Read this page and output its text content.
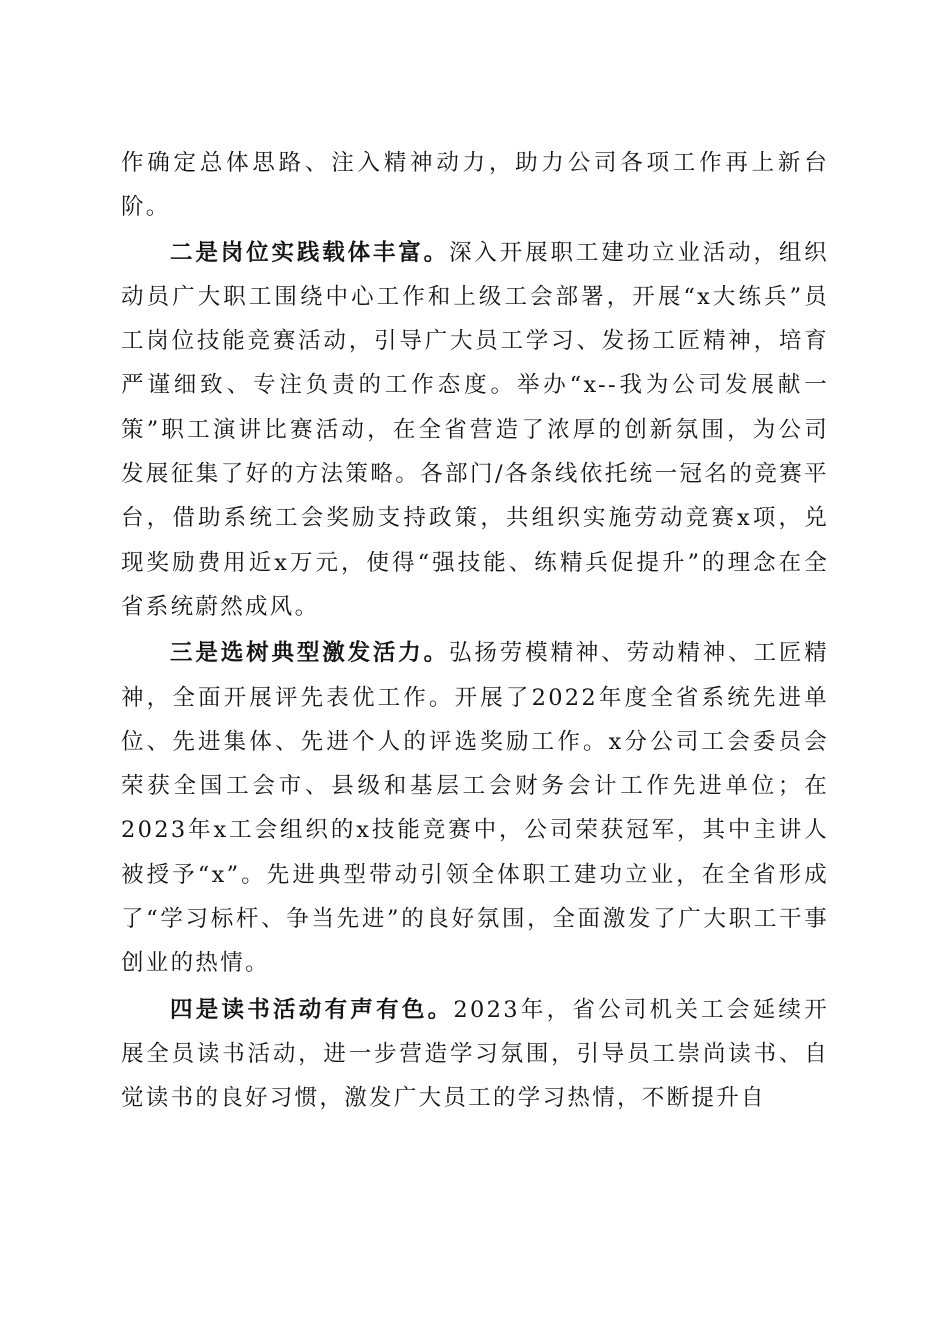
作确定总体思路、注入精神动力，助力公司各项工作再上新台阶。

二是岗位实践载体丰富。深入开展职工建功立业活动，组织动员广大职工围绕中心工作和上级工会部署，开展“x大练兵”员工岗位技能竞赛活动，引导广大员工学习、发扬工匠精神，培育严谨细致、专注负责的工作态度。举办“x--我为公司发展献一策”职工演讲比赛活动，在全省营造了浓厚的创新氛围，为公司发展征集了好的方法策略。各部门/各条线依托统一冠名的竞赛平台，借助系统工会奖励支持政策，共组织实施劳动竞赛x项，兑现奖励费用近x万元，使得“强技能、练精兵促提升”的理念在全省系统蔚然成风。

三是选树典型激发活力。弘扬劳模精神、劳动精神、工匠精神，全面开展评先表优工作。开展了2022年度全省系统先进单位、先进集体、先进个人的评选奖励工作。x分公司工会委员会荣获全国工会市、县级和基层工会财务会计工作先进单位；在2023年x工会组织的x技能竞赛中，公司荣获冠军，其中主讲人被授予“x”。先进典型带动引领全体职工建功立业，在全省形成了“学习标杆、争当先进”的良好氛围，全面激发了广大职工干事创业的热情。

四是读书活动有声有色。2023年，省公司机关工会延续开展全员读书活动，进一步营造学习氛围，引导员工崇尚读书、自觉读书的良好习惯，激发广大员工的学习热情，不断提升自
